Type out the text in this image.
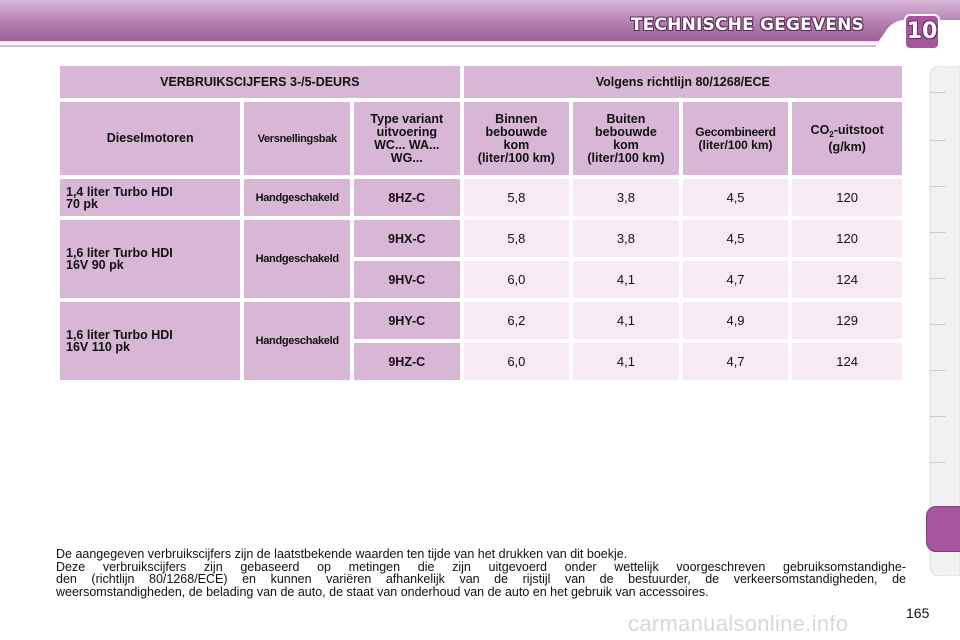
TECHNISCHE GEGEVENS 10
VERBRUIKSCIJFERS 3-/5-DEURS			Volgens richtlijn 80/1268/ECE			
Dieselmotoren	Versnellingsbak	Type variant
uitvoering
WC... WA...
WG...	Binnen
bebouwde
kom
(liter/100 km)	Buiten
bebouwde
kom
(liter/100 km)	Gecombineerd
(liter/100 km)	$CO_2$-uitstoot
(g/km)
1,4 liter Turbo HDI
70 pk	Handgeschakeld	8HZ-C	5,8	3,8	4,5	120
1,6 liter Turbo HDI
16V 90 pk	Handgeschakeld	9HX-C	5,8	3,8	4,5	120
		9HV-C	6,0	4,1	4,7	124
1,6 liter Turbo HDI
16V 110 pk	Handgeschakeld	9HY-C	6,2	4,1	4,9	129
		9HZ-C	6,0	4,1	4,7	124

De aangegeven verbruikscijfers zijn de laatstbekende waarden ten tijde van het drukken van dit boekje.

Deze verbruikscijfers zijn gebaseerd op metingen die zijn uitgevoerd onder wettelijk voorgeschreven gebruiksomstandighe-

den (richtlijn 80/1268/ECE) en kunnen variëren afhankelijk van de rijstijl van de bestuurder, de verkeersomstandigheden, de

weersomstandigheden, de belading van de auto, de staat van onderhoud van de auto en het gebruik van accessoires.

carmanualsonline.info	165
